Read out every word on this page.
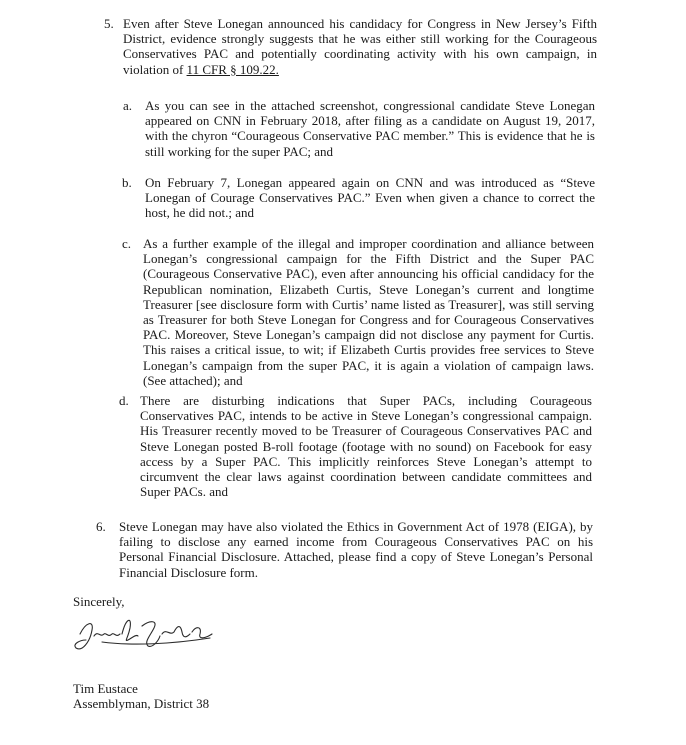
5. Even after Steve Lonegan announced his candidacy for Congress in New Jersey’s Fifth District, evidence strongly suggests that he was either still working for the Courageous Conservatives PAC and potentially coordinating activity with his own campaign, in violation of 11 CFR § 109.22.
a. As you can see in the attached screenshot, congressional candidate Steve Lonegan appeared on CNN in February 2018, after filing as a candidate on August 19, 2017, with the chyron “Courageous Conservative PAC member.” This is evidence that he is still working for the super PAC; and
b. On February 7, Lonegan appeared again on CNN and was introduced as “Steve Lonegan of Courage Conservatives PAC.” Even when given a chance to correct the host, he did not.; and
c. As a further example of the illegal and improper coordination and alliance between Lonegan’s congressional campaign for the Fifth District and the Super PAC (Courageous Conservative PAC), even after announcing his official candidacy for the Republican nomination, Elizabeth Curtis, Steve Lonegan’s current and longtime Treasurer [see disclosure form with Curtis’ name listed as Treasurer], was still serving as Treasurer for both Steve Lonegan for Congress and for Courageous Conservatives PAC. Moreover, Steve Lonegan’s campaign did not disclose any payment for Curtis. This raises a critical issue, to wit; if Elizabeth Curtis provides free services to Steve Lonegan’s campaign from the super PAC, it is again a violation of campaign laws. (See attached); and
d. There are disturbing indications that Super PACs, including Courageous Conservatives PAC, intends to be active in Steve Lonegan’s congressional campaign. His Treasurer recently moved to be Treasurer of Courageous Conservatives PAC and Steve Lonegan posted B-roll footage (footage with no sound) on Facebook for easy access by a Super PAC. This implicitly reinforces Steve Lonegan’s attempt to circumvent the clear laws against coordination between candidate committees and Super PACs. and
6. Steve Lonegan may have also violated the Ethics in Government Act of 1978 (EIGA), by failing to disclose any earned income from Courageous Conservatives PAC on his Personal Financial Disclosure. Attached, please find a copy of Steve Lonegan’s Personal Financial Disclosure form.
Sincerely,
Tim Eustace
Assemblyman, District 38
